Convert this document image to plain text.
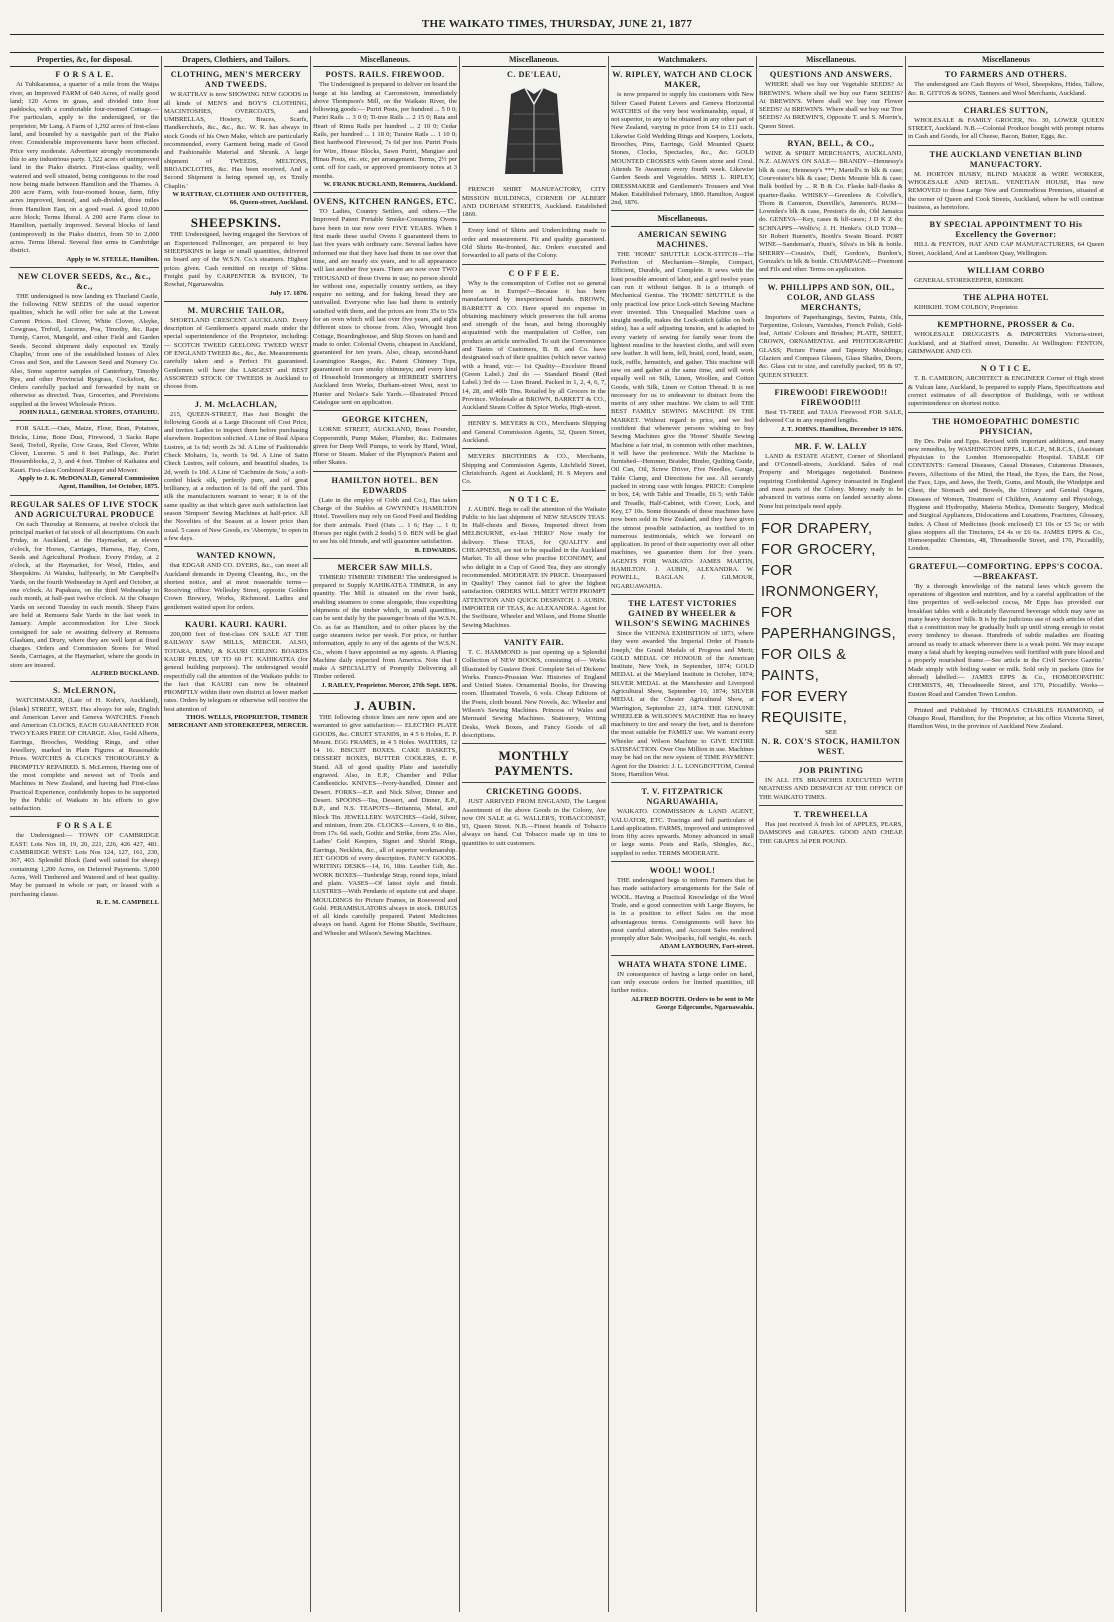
THE WAIKATO TIMES, THURSDAY, JUNE 21, 1877
Properties, &c, for disposal.
F O R S A L E.

At Tuhikaramea, a quarter of a mile from the Waipa river, an Improved FARM of 640 Acres, of really good land; 120 Acres in grass, and divided into four paddocks, with a comfortable four-roomed Cottage.—For particulars, apply to the undersigned, or the proprietor, Mr Lang. A Farm of 1,292 acres of first-class land, and bounded by a navigable part of the Piako river. Considerable improvements have been effected. Price very moderate. Advertiser strongly recommends this to any industrious party. 1,322 acres of unimproved land in the Piako district. First-class quality, well watered and well situated, being contiguous to the road now being made between Hamilton and the Thames. A 200 acre Farm, with four-roomed house, farm, fifty acres improved, fenced, and sub-divided, three miles from Hamilton East, on a good road. A good 10,000 acre block; Terms liberal. A 200 acre Farm close to Hamilton, partially improved. Several blocks of land (unimproved) in the Piako district, from 50 to 2,000 acres. Terms liberal. Several fine arms in Cambridge district.

Apply to W. STEELE, Hamilton.

NEW CLOVER SEEDS, &c., &c., &c.,

THE undersigned is now landing ex Thurland Castle, the following NEW SEEDS of the usual superior qualities, which he will offer for sale at the Lowest Current Prices. Red Clover, White Clover, Alsyke, Cowgrass, Trefoil, Lucerne, Poa, Timothy, &c. Rape Turnip, Carrot, Mangold, and other Field and Garden Seeds. Second shipment daily expected ex 'Emily Chaplin,' from one of the established houses of Alex Cross and Son, and the Lawson Seed and Nursery Co. Also, Some superior samples of Canterbury, Timothy Rye, and other Provincial Ryegrass, Cocksfoot, &c. Orders carefully packed and forwarded by train or otherwise as directed. Teas, Groceries, and Provisions supplied at the lowest Wholesale Prices.

JOHN HALL, GENERAL STORES, OTAHUHU.

FOR SALE.—Oats, Maize, Flour, Bran, Potatoes, Bricks, Lime, Bone Dust, Firewood, 3 Sacks Rape Seed, Trefoil, Ryelie, Cow Grass, Red Clover, White Clover, Lucerne. 5 and 6 feet Pailings, &c. Puriri Housenblocks, 2, 3, and 4 feet. Timber of Kaikatea and Kauri. First-class Combined Reaper and Mower.

Apply to J. K. McDONALD, General Commission Agent, Hamilton, 1st October, 1875.

REGULAR SALES OF LIVE STOCK AND AGRICULTURAL PRODUCE

On each Thursday at Remuera, at twelve o'clock the principal market of fat stock of all descriptions. On each Friday, in Auckland, at the Haymarket, at eleven o'clock, for Horses, Carriages, Harness, Hay, Corn, Seeds and Agricultural Produce. Every Friday, at 2 o'clock, at the Haymarket, for Wool, Hides, and Sheepskins. At Waiuku, halfyearly, in Mr Campbell's Yards, on the fourth Wednesday in April and October, at one o'clock. At Papakura, on the third Wednesday in each month, at half-past twelve o'clock. At the Ohaupo Yards on second Tuesday in each month. Sheep Fairs are held at Remuera Sale Yards in the last week in January. Ample accommodation for Live Stock consigned for sale or awaiting delivery at Remuera Glasham, and Drury, where they are well kept at fixed charges. Orders and Commission Stores for Wool Seeds, Carriages, at the Haymarket, where the goods in store are insured.

ALFRED BUCKLAND.

S. McLERNON,

WATCHMAKER, (Late of H. Kohn's, Auckland), [blank] STREET, WEST. Has always for sale, English and American Lever and Geneva WATCHES. French and American CLOCKS, EACH GUARANTEED FOR TWO YEARS FREE OF CHARGE. Also, Gold Alberts, Earrings, Brooches, Wedding Rings, and other Jewellery, marked in Plain Figures at Reasonable Prices. WATCHES & CLOCKS THOROUGHLY & PROMPTLY REPAIRED. S. McLernon, Having one of the most complete and newest set of Tools and Machines in New Zealand, and having had First-class Practical Experience, confidently hopes to be supported by the Public of Waikato in his efforts to give satisfaction.

F O R S A L E

the Undersigned:— TOWN OF CAMBRIDGE EAST: Lots Nos 18, 19, 20, 221, 226, 426 427, 481. CAMBRIDGE WEST: Lots Nos 124, 127, 161, 230, 367, 403. Splendid Block (land well suited for sheep) containing 1,200 Acres, on Deferred Payments. 5,000 Acres, Well Timbered and Watered and of best quality. May be pursued in whole or part, or leased with a purchasing clause.

R. E. M. CAMPBELL

Drapers, Clothiers, and Tailors.
CLOTHING, MEN'S MERCERY AND TWEEDS.

W RATTRAY is now SHOWING NEW GOODS in all kinds of MEN'S and BOY'S CLOTHING, MACINTOSHES, OVERCOATS, and UMBRELLAS, Hosiery, Braces, Scarfs, Handkerchiefs, &c., &c., &c. W. R. has always in stock Goods of his Own Make, which are particularly recommended, every Garment being made of Good and Fashionable Material and Shrunk. A large shipment of TWEEDS, MELTONS, BROADCLOTHS, &c. Has been received, And a Second Shipment is being opened up, ex 'Emily Chaplin.'

W RATTRAY, CLOTHIER AND OUTFITTER, 66, Queen-street, Auckland.

SHEEPSKINS.

THE Undersigned, having engaged the Services of an Experienced Fellmonger, are prepared to buy SHEEPSKINS in large or small quantities, delivered on board any of the W.S.N. Co.'s steamers. Highest prices given. Cash remitted on receipt of Skins. Freight paid by CARPENTER & BYRON, Te Rowhai, Ngaruawahia.

July 17. 1876.

M. MURCHIE TAILOR,

SHORTLAND CRESCENT AUCKLAND. Every description of Gentlemen's apparel made under the special superintendence of the Proprietor, including:— SCOTCH TWEED GEELONG TWEED WEST OF ENGLAND TWEED &c., &c., &c. Measurements carefully taken and a Perfect Fit guaranteed. Gentlemen will have the LARGEST and BEST ASSORTED STOCK OF TWEEDS in Auckland to choose from.

J. M. McLACHLAN,

215, QUEEN-STREET, Has Just Bought the following Goods at a Large Discount off Cost Price, and invites Ladies to inspect them before purchasing elsewhere. Inspection solicited. A Line of Real Alpaca Lustres, at 1s 6d; worth 2s 3d. A Line of Fashionable Check Mohairs, 1s, worth 1s 9d. A Line of Satin Check Lustres, self colours, and beautiful shades, 1s 2d, worth 1s 10d. A Line of 'Cachmire de Sois,' a soft-corded black silk, perfectly pure, and of great brilliancy, at a reduction of 1s 6d off the yard. This silk the manufacturers warrant to wear; it is of the same quality as that which gave such satisfaction last season 'Simpson' Sewing Machines at half-price. All the Novelties of the Season at a lower price than usual. 5 cases of New Goods, ex 'Abernyte,' to open in a few days.

WANTED KNOWN,

that EDGAR AND CO. DYERS, &c., can meet all Auckland demands in Dyeing Cleaning, &c., on the shortest notice, and at most reasonable terms—Receiving office: Wellesley Street, opposite Golden Crown Brewery, Works, Richmond. Ladies and gentlemen waited upon for orders.

KAURI. KAURI. KAURI.

200,000 feet of first-class ON SALE AT THE RAILWAY SAW MILLS, MERCER. ALSO, TOTARA, RIMU, & KAURI CEILING BOARDS KAURI PILES, UP TO 60 FT. KAHIKATEA (for general building purposes). The undersigned would respectfully call the attention of the Waikato public to the fact that KAURI can now be obtained PROMPTLY within their own district at lower market rates. Orders by telegram or otherwise will receive the best attention of

THOS. WELLS, PROPRIETOR, TIMBER MERCHANT AND STOREKEEPER, MERCER.

Miscellaneous.
POSTS. RAILS. FIREWOOD.

The Undersigned is prepared to deliver on board the barge at his landing at Carronstown, immediately above Thompson's Mill, on the Waikato River, the following goods:— Puriri Posts, per hundred ... 5 0 0; Puriri Rails ... 3 0 0; Ti-tree Rails ... 2 15 0; Rata and Heart of Rimu Rails per hundred ... 2 10 0; Cedar Rails, per hundred ... 1 18 0; Turaire Rails ... 1 10 0; Best hardwood Firewood, 7s 6d per ton. Puriri Posts for Wire, House Blocks, Sawn Puriri, Mangiao and Hinau Posts, etc. etc, per arrangement. Terms, 2½ per cent. off for cash, or approved promissory notes at 3 months.

W. FRANK BUCKLAND, Remuera, Auckland.

OVENS, KITCHEN RANGES, ETC.

TO Ladies, Country Settlers, and others.—The Improved Patent Portable Smoke-Consuming Ovens have been in use now over FIVE YEARS. When I first made these useful Ovens I guaranteed them to last five years with ordinary care. Several ladies have informed me that they have had them in use over that time, and are nearly six years, and to all appearance will last another five years. There are now over TWO THOUSAND of these Ovens in use; no person should be without one, especially country settlers, as they require no setting, and for baking bread they are unrivalled. Everyone who has had them is entirely satisfied with them, and the prices are from 35s to 55s for an oven which will last over five years, and eight different sizes to choose from. Also, Wrought Iron Cottage, Boardinghouse, and Ship Stoves on hand and made to order. Colonial Ovens, cheapest in Auckland, guaranteed for ten years. Also, cheap, second-hand Leamington Ranges, &c. Patent Chimney Tops, guaranteed to cure smoky chimneys; and every kind of Household Ironmongery at HERBERT SMITH'S Auckland Iron Works, Durham-street West, next to Hunter and Nolan's Sale Yards.—Illustrated Priced Catalogue sent on application.

GEORGE KITCHEN,

LORNE STREET, AUCKLAND, Brass Founder, Coppersmith, Pump Maker, Plumber, &c. Estimates given for Deep Well Pumps, to work by Hand, Wind, Horse or Steam. Maker of the Plympton's Patent and other Skates.

HAMILTON HOTEL. BEN EDWARDS

(Late in the employ of Cobb and Co.), Has taken Charge of the Stables at GWYNNE's HAMILTON Hotel. Travellers may rely on Good Feed and Bedding for their animals. Feed (Oats ... 1 6; Hay ... 1 0; Horses per night (with 2 feeds) 5 0. BEN will be glad to see his old friends, and will guarantee satisfaction.

B. EDWARDS.

MERCER SAW MILLS.

TIMBER! TIMBER! TIMBER! The undersigned is prepared to Supply KAHIKATEA TIMBER, in any quantity. The Mill is situated on the river bank, enabling steamers to come alongside, thus expediting shipments of the timber which, in small quantities, can be sent daily by the passenger boats of the W.S.N. Co. as far as Hamilton, and to other places by the cargo steamers twice per week. For price, or further information, apply to any of the agents of the W.S.N. Co., whom I have appointed as my agents. A Planing Machine daily expected from America. Note that I make A SPECIALITY of Promptly Delivering all Timber ordered.

J. RAILEY, Proprietor. Mercer, 27th Sept. 1876.

J. AUBIN.

THE following choice lines are now open and are warranted to give satisfaction:— ELECTRO PLATE GOODS, &c. CRUET STANDS, in 4 5 6 Holes, E. P. Mount. EGG FRAMES, in 4 5 Holes. WAITERS, 12 14 16. BISCUIT BOXES. CAKE BASKETS, DESSERT BOXES, BUTTER COOLERS, E. P. Stand. All of good quality Plate and tastefully engraved. Also, in E.P., Chamber and Pillar Candlesticks. KNIVES—Ivory-handled, Dinner and Desert. FORKS—E.P. and Nick Silver, Dinner and Desert. SPOONS—Tea, Dessert, and Dinner, E.P., B.P., and N.S. TEAPOTS—Britannia, Metal, and Block Tin. JEWELLERY. WATCHES—Gold, Silver, and minium, from 20s. CLOCKS—Lovers, 6 to 8in., from 17s. 6d. each, Gothic and Strike, from 25s. Also, Ladies' Gold Keepers, Signet and Shield Rings, Earrings, Necklets, &c., all of superior workmanship. JET GOODS of every description. FANCY GOODS. WRITING DESKS—14, 16, 18in. Leather Gilt, &c. WORK BOXES—Tunbridge Strap, round tops, inlaid and plain. VASES—Of latest style and finish. LUSTRES—With Pendants of equisite cut and shape. MOULDINGS for Picture Frames, in Rosewood and Gold. PERAMBULATORS always in stock. DRUGS of all kinds carefully prepared. Patent Medicines always on hand. Agent for Home Shuttle, Swiftsure, and Wheeler and Wilson's Sewing Machines.

Miscellaneous.
C. DE'LEAU,

FRENCH SHIRT MANUFACTORY, CITY MISSION BUILDINGS, CORNER OF ALBERT AND DURHAM STREETS, Auckland. Established 1869.

Every kind of Shirts and Underclothing made to order and measurement. Fit and quality guaranteed. Old Shirts Re-fronted, &c. Orders executed and forwarded to all parts of the Colony.

C O F F E E.

Why is the consumption of Coffee not so general here as in Europe?—Because it has been manufactured by inexperienced hands. BROWN, BARRETT & CO. Have spared no expense in obtaining machinery which preserves the full aroma and strength of the bean, and being thoroughly acquainted with the manipulation of Coffee, can produce an article unrivalled. To suit the Convenience and Tastes of Customers, B. B. and Co. have designated each of their qualities (which never varies) with a brand, viz:— 1st Quality—Excelsior Brand (Green Label.) 2nd do — Standard Brand (Red Label.) 3rd do — Lion Brand. Packed in 1, 2, 4, 6, 7, 14, 28, and 40lb Tins. Retailed by all Grocers in the Province. Wholesale at BROWN, BARRETT & CO., Auckland Steam Coffee & Spice Works, High-street.

HENRY S. MEYERS & CO., Merchants Shipping and General Commission Agents, 32, Queen Street, Auckland.

MEYERS BROTHERS & CO., Merchants, Shipping and Commission Agents, Litchfield Street, Christchurch. Agent at Auckland, H. S Meyers and Co.

N O T I C E.

J. AUBIN. Begs to call the attention of the Waikato Public to his last shipment of NEW SEASON TEAS. In Half-chests and Boxes, Imported direct from MELBOURNE, ex-last 'HERO' Now ready for delivery. These TEAS, for QUALITY and CHEAPNESS, are not to be equalled in the Auckland Market. To all those who practise ECONOMY, and who delight in a Cup of Good Tea, they are strongly recommended. MODERATE IN PRICE. Unsurpassed in Quality! They cannot fail to give the highest satisfaction. ORDERS WILL MEET WITH PROMPT ATTENTION AND QUICK DESPATCH. J. AUBIN. IMPORTER OF TEAS, &c ALEXANDRA. Agent for the Swiftsure, Wheeler and Wilson, and Home Shuttle Sewing Machines.

VANITY FAIR.

T. C. HAMMOND is just opening up a Splendid Collection of NEW BOOKS, consisting of— Works Illustrated by Gustave Doré. Complete Set of Dickens' Works. Franco-Prussian War. Histories of England and United States. Ornamental Books, for Drawing room. Illustrated Travels, 6 vols. Cheap Editions of the Poets, cloth bound. New Novels, &c. Wheeler and Wilson's Sewing Machines. Princess of Wales and Mermaid Sewing Machines. Stationery, Writing Desks, Work Boxes, and Fancy Goods of all descriptions.

MONTHLY PAYMENTS.
CRICKETING GOODS.

JUST ARRIVED FROM ENGLAND, The Largest Assortment of the above Goods in the Colony, Are now ON SALE at G. WALLER'S, TOBACCONIST, 93, Queen Street. N.B.—Finest brands of Tobacco always on hand. Cut Tobacco made up in tins to quantities to suit customers.

Watchmakers.
W. RIPLEY, WATCH AND CLOCK MAKER,

is now prepared to supply his customers with New Silver Cased Patent Levers and Geneva Horizontal WATCHES of the very best workmanship, equal, if not superior, to any to be obtained in any other part of New Zealand, varying in price from £4 to £11 each. Likewise Gold Wedding Rings and Keepers, Lockets, Brooches, Pins, Earrings, Gold Mounted Quartz Stones, Clocks, Spectacles, &c., &c. GOLD MOUNTED CROSSES with Green stone and Coral. Attends Te Awamutu every fourth week. Likewise Garden Seeds and Vegetables. MISS L. RIPLEY, DRESSMAKER and Gentlemen's Trousers and Vest Maker. Established February, 1860. Hamilton, August 2nd, 1876.

Miscellaneous.
AMERICAN SEWING MACHINES.

THE 'HOME' SHUTTLE LOCK-STITCH—The Perfection of Mechanism—Simple, Compact, Efficient, Durable, and Complete. It sews with the least possible amount of labor, and a girl twelve years can run it without fatigue. It is a triumph of Mechanical Genius. The 'HOME' SHUTTLE is the only practical low price Lock-stitch Sewing Machine ever invented. This Unequalled Machine uses a straight needle, makes the Lock-stitch (alike on both sides), has a self adjusting tension, and is adapted to every variety of sewing for family wear from the lightest muslins to the heaviest cloths, and will even sew leather. It will hem, fell, braid, cord, braid, seam, tuck, ruffle, hemstitch, and gather. This machine will sew on and gather at the same time, and will work equally well on Silk, Linen, Woollen, and Cotton Goods, with Silk, Linen or Cotton Thread. It is not necessary for us to endeavour to distract from the merits of any other machine. We claim to sell THE BEST FAMILY SEWING MACHINE IN THE MARKET. Without regard to price, and we feel confident that whenever persons wishing to buy Sewing Machines give the 'Home' Shuttle Sewing Machine a fair trial, in common with other machines, it will have the preference. With the Machine is furnished—Hemmer, Braider, Binder, Quilting Guide, Oil Can, Oil, Screw Driver, Five Needles, Gauge, Table Clamp, and Directions for use. All securely packed in strong case with hinges. PRICE: Complete in box, £4; with Table and Treadle, £6 5; with Table and Treadle, Half-Cabinet, with Cover, Lock, and Key, £7 10s. Some thousands of these machines have now been sold in New Zealand, and they have given the utmost possible satisfaction, as testified to in numerous testimonials, which we forward on application. In proof of their superiority over all other machines, we guarantee them for five years. AGENTS FOR WAIKATO: JAMES MARTIN, HAMILTON. J. AUBIN, ALEXANDRA. W. POWELL, RAGLAN. J. GILMOUR, NGARUAWAHIA.

THE LATEST VICTORIES GAINED BY WHEELER & WILSON'S SEWING MACHINES

Since the VIENNA EXHIBITION of 1873, where they were awarded 'the Imperial Order of Francis Joseph,' the Grand Medals of Progress and Merit; GOLD MEDAL OF HONOUR of the American Institute, New York, in September, 1874; GOLD MEDAL at the Maryland Institute in October, 1874; SILVER MEDAL at the Manchester and Liverpool Agricultural Show, September 10, 1874; SILVER MEDAL at the Chester Agricultural Show, at Warrington, September 23, 1874. THE GENUINE WHEELER & WILSON'S MACHINE Has no heavy machinery to tire and weary the feet, and is therefore the most suitable for FAMILY use. We warrant every Wheeler and Wilson Machine to GIVE ENTIRE SATISFACTION. Over One Million in use. Machines may be had on the new system of TIME PAYMENT. Agent for the District: J. L. LONGBOTTOM, Central Store, Hamilton West.

T. V. FITZPATRICK NGARUAWAHIA,

WAIKATO. COMMISSION & LAND AGENT, VALUATOR, ETC. Tracings and full particulars of Land application. FARMS, improved and unimproved from fifty acres upwards. Money advanced in small or large sums. Posts and Rails, Shingles, &c., supplied to order. TERMS MODERATE.

WOOL! WOOL!

THE undersigned begs to inform Farmers that he has made satisfactory arrangements for the Sale of WOOL. Having a Practical Knowledge of the Wool Trade, and a good connection with Large Buyers, he is in a position to effect Sales on the most advantageous terms. Consignments will have his most careful attention, and Account Sales rendered promptly after Sale. Woolpacks, full weight, 4s. each.

ADAM LAYBOURN, Fort-street.

WHATA WHATA STONE LIME.

IN consequence of having a large order on hand, can only execute orders for limited quantities, till further notice.

ALFRED BOOTH. Orders to be sent to Mr George Edgecumbe, Ngaruawahia.

Miscellaneous.
QUESTIONS AND ANSWERS.

WHERE shall we buy our Vegetable SEEDS? At BREWIN'S. Where shall we buy our Farm SEEDS? At BREWIN'S. Where shall we buy our Flower SEEDS? At BREWIN'S. Where shall we buy our Tree SEEDS? At BREWIN'S, Opposite T. and S. Morrin's, Queen Street.

RYAN, BELL, & CO.,

WINE & SPIRIT MERCHANTS, AUCKLAND, N.Z. ALWAYS ON SALE— BRANDY—Hennessy's blk & case; Hennessy's ***; Martell's in blk & case; Courvoisier's blk & case; Denis Mounie blk & case; Bulk bottled by ... R B & Co. Flasks half-flasks & quarter-flasks. WHISKY—Greenlees & Colville's, Thom & Cameron, Dunville's, Jameson's. RUM—Lowndes's blk & case, Preston's do do, Old Jamaica do. GENEVA—Key, cases & hlf-cases; J D K Z do; SCHNAPPS—Wolfe's; J. H. Henke's. OLD TOM—Sir Robert Burnett's, Booth's Swain Board. PORT WINE—Sandeman's, Hunt's, Silva's in blk & bottle. SHERRY—Cousin's, Duff, Gordon's, Burdon's, Gonzale's in blk & bottle. CHAMPAGNE—Freemont and Fils and other. Terms on application.

W. PHILLIPPS AND SON, OIL, COLOR, AND GLASS MERCHANTS,

Importers of Paperhangings, Sevim, Paints, Oils, Turpentine, Colours, Varnishes, French Polish, Gold-leaf, Artists' Colours and Brushes; PLATE, SHEET, CROWN, ORNAMENTAL and PHOTOGRAPHIC GLASS; Picture Frame and Tapestry Mouldings; Glaziers and Compass Glasses, Glass Shades, Doors, &c. Glass cut to size, and carefully packed, 95 & 97, QUEEN STREET.

FIREWOOD! FIREWOOD!! FIREWOOD!!!

Best TI-TREE and TAUA Firewood FOR SALE, delivered Cut in any required lengths.

J. T. JOHNS. Hamilton, December 19 1876.

MR. F. W. LALLY

LAND & ESTATE AGENT, Corner of Shortland and O'Connell-streets, Auckland. Sales of real Property and Mortgages negotiated. Business requiring Confidential Agency transacted in England and most parts of the Colony. Money ready to be advanced in various sums on landed security alone. None but principals need apply.

FOR DRAPERY,
FOR GROCERY,
FOR IRONMONGERY,
FOR PAPERHANGINGS,
FOR OILS & PAINTS,
FOR EVERY REQUISITE,
SEE
N. R. COX'S STOCK, HAMILTON WEST.
JOB PRINTING

IN ALL ITS BRANCHES EXECUTED WITH NEATNESS AND DESPATCH AT THE OFFICE OF THE WAIKATO TIMES.

T. TREWHEELLA

Has just received A fresh lot of APPLES, PEARS, DAMSONS and GRAPES. GOOD AND CHEAP. THE GRAPES 3d PER POUND.

Miscellaneous
TO FARMERS AND OTHERS.

The undersigned are Cash Buyers of Wool, Sheepskins, Hides, Tallow, &c. R. GITTOS & SONS, Tanners and Wool Merchants, Auckland.

CHARLES SUTTON,

WHOLESALE & FAMILY GROCER, No. 30, LOWER QUEEN STREET, Auckland. N.B.—Colonial Produce bought with prompt returns in Cash and Goods, for all Cheese, Bacon, Butter, Eggs, &c.

THE AUCKLAND VENETIAN BLIND MANUFACTORY.

M. HORTON BUSBY, BLIND MAKER & WIRE WORKER, WHOLESALE AND RETAIL. VENETIAN HOUSE, Has now REMOVED to those Large New and Commodious Premises, situated at the corner of Queen and Cook Streets, Auckland, where he will continue business, as heretofore.

BY SPECIAL APPOINTMENT TO His Excellency the Governor:

HILL & FENTON, HAT AND CAP MANUFACTURERS, 64 Queen Street, Auckland, And at Lambton Quay, Wellington.

WILLIAM CORBO

GENERAL STOREKEEPER, KIHIKIHI.

THE ALPHA HOTEL

KIHIKIHI. TOM COLBOY, Proprietor.

KEMPTHORNE, PROSSER & Co.

WHOLESALE DRUGGISTS & IMPORTERS Victoria-street, Auckland, and at Stafford street, Dunedin. At Wellington: FENTON, GRIMWADE AND CO.

N O T I C E.

T. B. CAMERON, ARCHITECT & ENGINEER Corner of High street & Vulcan lane, Auckland, Is prepared to supply Plans, Specifications and correct estimates of all description of Buildings, with or without superintendence on shortest notice.

THE HOMOEOPATHIC DOMESTIC PHYSICIAN,

By Drs. Pulte and Epps. Revised with important additions, and many new remedies, by WASHINGTON EPPS, L.R.C.P., M.R.C.S., (Assistant Physician to the London Homoeopathic Hospital. TABLE OF CONTENTS: General Diseases, Casual Diseases, Cutaneous Diseases, Fevers, Affections of the Mind, the Head, the Eyes, the Ears, the Nose, the Face, Lips, and Jaws, the Teeth, Gums, and Mouth, the Windpipe and Chest, the Stomach and Bowels, the Urinary and Genital Organs, Diseases of Women, Treatment of Children, Anatomy and Physiology, Hygiene and Hydropathy, Materia Medica, Domestic Surgery, Medical and Surgical Appliances, Dislocations and Luxations, Fractures, Glossary, Index. A Chest of Medicines (book enclosed) £3 10s or £5 5s; or with glass stoppers all the Tinctures, £4 4s or £6 6s. JAMES EPPS & Co., Homoeopathic Chemists, 48, Threadneedle Street, and 170, Piccadilly, London.

GRATEFUL—COMFORTING. EPPS'S COCOA.—BREAKFAST.

'By a thorough knowledge of the natural laws which govern the operations of digestion and nutrition, and by a careful application of the fine properties of well-selected cocoa, Mr Epps has provided our breakfast tables with a delicately flavoured beverage which may save us many heavy doctors' bills. It is by the judicious use of such articles of diet that a constitution may be gradually built up until strong enough to resist every tendency to disease. Hundreds of subtle maladies are floating around us ready to attack wherever there is a weak point. We may escape many a fatal shaft by keeping ourselves well fortified with pure blood and a properly nourished frame.—See article in the Civil Service Gazette.' Made simply with boiling water or milk. Sold only in packets (tins for abroad) labelled:— JAMES EPPS & Co., HOMOEOPATHIC CHEMISTS, 48, Threadneedle Street, and 170, Piccadilly. Works—Euston Road and Camden Town London.

Printed and Published by THOMAS CHARLES HAMMOND, of Ohaupo Road, Hamilton, for the Proprietor, at his office Victoria Street, Hamilton West, in the province of Auckland New Zealand.
